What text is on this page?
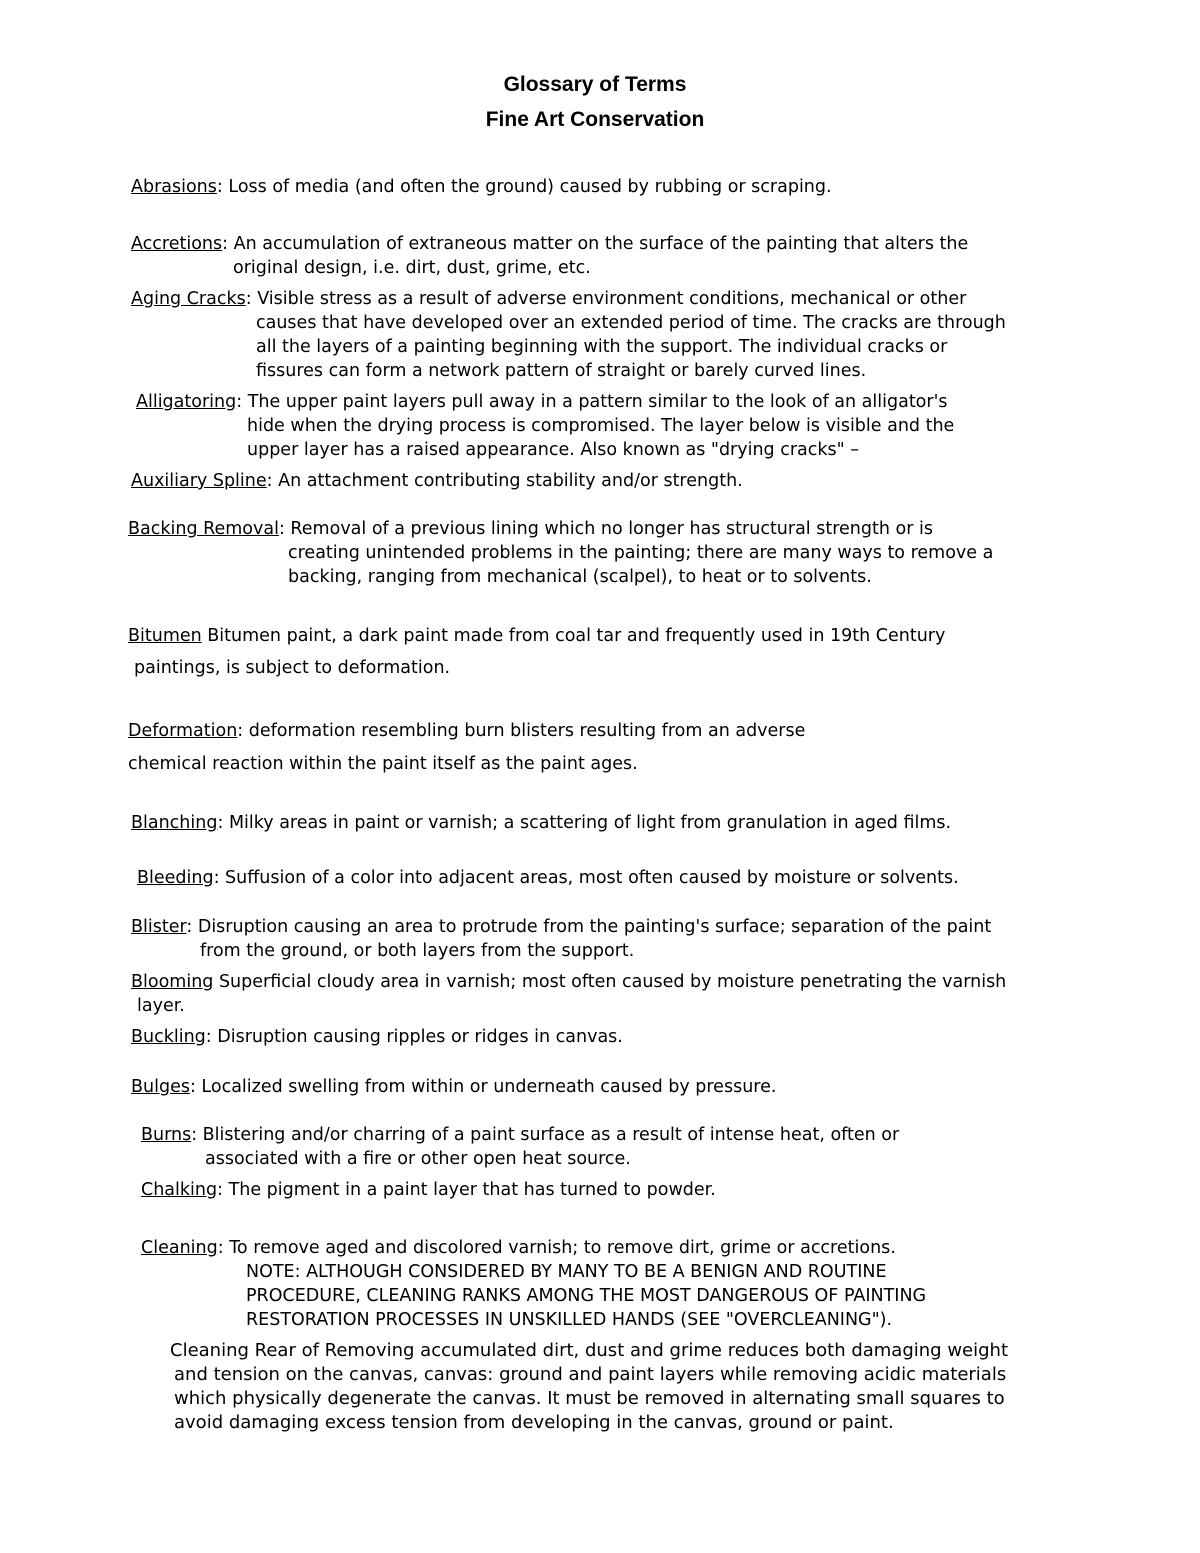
Glossary of Terms
Fine Art Conservation

Abrasions: Loss of media (and often the ground) caused by rubbing or scraping.

Accretions: An accumulation of extraneous matter on the surface of the painting that alters the
original design, i.e. dirt, dust, grime, etc.

Aging Cracks: Visible stress as a result of adverse environment conditions, mechanical or other
causes that have developed over an extended period of time. The cracks are through
all the layers of a painting beginning with the support. The individual cracks or
fissures can form a network pattern of straight or barely curved lines.

Alligatoring: The upper paint layers pull away in a pattern similar to the look of an alligator's
hide when the drying process is compromised. The layer below is visible and the
upper layer has a raised appearance. Also known as "drying cracks" –

Auxiliary Spline: An attachment contributing stability and/or strength.

Backing Removal: Removal of a previous lining which no longer has structural strength or is
creating unintended problems in the painting; there are many ways to remove a
backing, ranging from mechanical (scalpel), to heat or to solvents.

Bitumen Bitumen paint, a dark paint made from coal tar and frequently used in 19th Century
paintings, is subject to deformation.

Deformation: deformation resembling burn blisters resulting from an adverse
chemical reaction within the paint itself as the paint ages.

Blanching: Milky areas in paint or varnish; a scattering of light from granulation in aged films.

Bleeding: Suffusion of a color into adjacent areas, most often caused by moisture or solvents.

Blister: Disruption causing an area to protrude from the painting's surface; separation of the paint
from the ground, or both layers from the support.

Blooming Superficial cloudy area in varnish; most often caused by moisture penetrating the varnish
layer.

Buckling: Disruption causing ripples or ridges in canvas.

Bulges: Localized swelling from within or underneath caused by pressure.

Burns: Blistering and/or charring of a paint surface as a result of intense heat, often or
associated with a fire or other open heat source.

Chalking: The pigment in a paint layer that has turned to powder.

Cleaning: To remove aged and discolored varnish; to remove dirt, grime or accretions.
NOTE: ALTHOUGH CONSIDERED BY MANY TO BE A BENIGN AND ROUTINE
PROCEDURE, CLEANING RANKS AMONG THE MOST DANGEROUS OF PAINTING
RESTORATION PROCESSES IN UNSKILLED HANDS (SEE "OVERCLEANING").

Cleaning Rear of Removing accumulated dirt, dust and grime reduces both damaging weight
and tension on the canvas, canvas: ground and paint layers while removing acidic materials
which physically degenerate the canvas. It must be removed in alternating small squares to
avoid damaging excess tension from developing in the canvas, ground or paint.
